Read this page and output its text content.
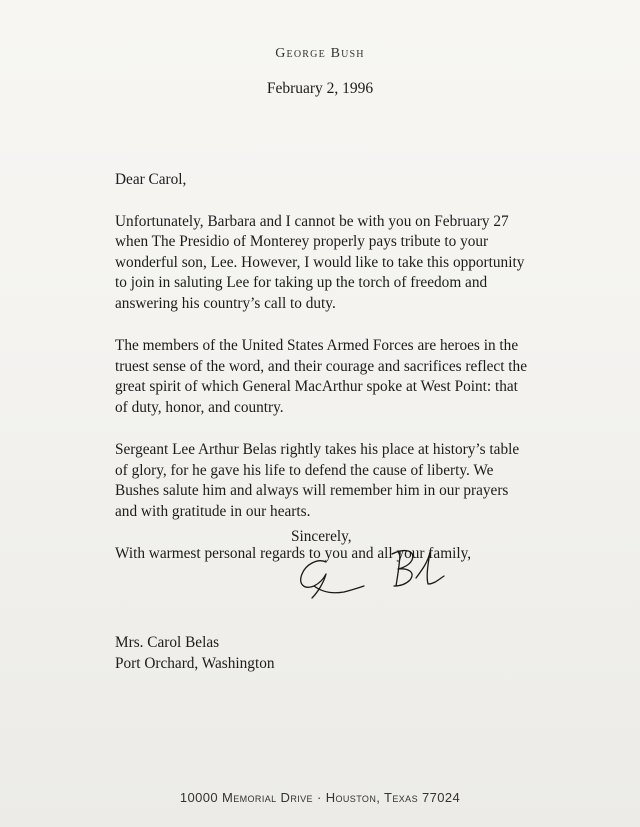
George Bush
February 2, 1996
Dear Carol,
Unfortunately, Barbara and I cannot be with you on February 27
when The Presidio of Monterey properly pays tribute to your
wonderful son, Lee. However, I would like to take this opportunity
to join in saluting Lee for taking up the torch of freedom and
answering his country’s call to duty.
The members of the United States Armed Forces are heroes in the
truest sense of the word, and their courage and sacrifices reflect the
great spirit of which General MacArthur spoke at West Point: that
of duty, honor, and country.
Sergeant Lee Arthur Belas rightly takes his place at history’s table
of glory, for he gave his life to defend the cause of liberty. We
Bushes salute him and always will remember him in our prayers
and with gratitude in our hearts.
With warmest personal regards to you and all your family,
Sincerely,
Mrs. Carol Belas
Port Orchard, Washington
10000 Memorial Drive · Houston, Texas 77024
